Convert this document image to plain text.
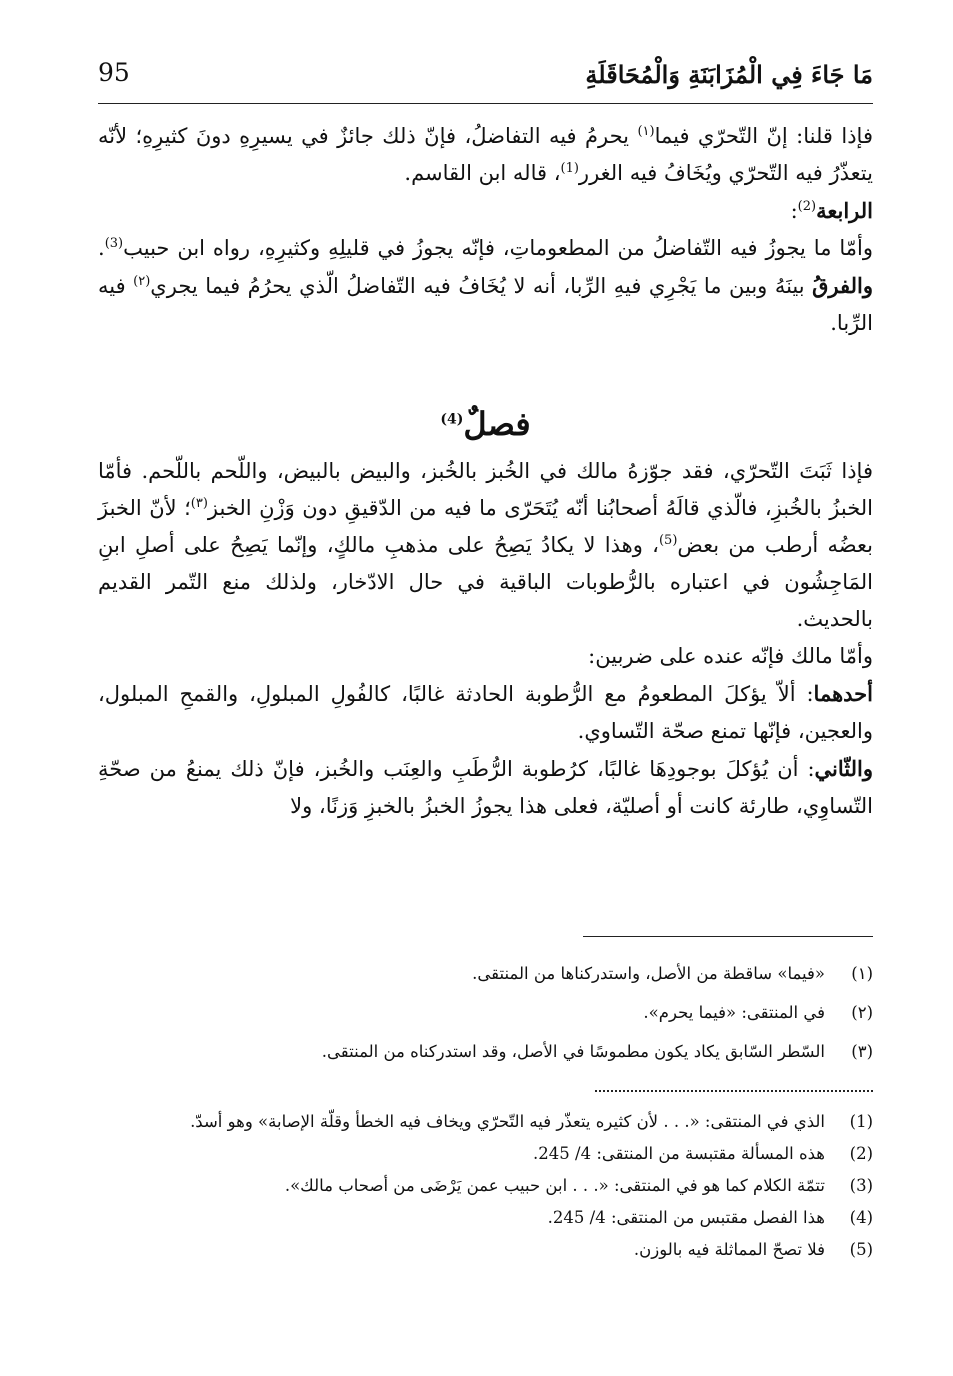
95	مَا جَاءَ فِي الْمُزَابَنَةِ وَالْمُحَاقَلَةِ

فإذا قلنا: إنّ التّحرّي فيما$^{(١)}$ يحرمُ فيه التفاضلُ، فإنّ ذلك جائزٌ في يسيرِهِ دونَ كثيرِهِ؛ لأنّه يتعذّرُ فيه التّحرّي ويُخَافُ فيه الغرر$^{(1)}$، قاله ابن القاسم.

الرابعة$^{(2)}$:

وأمّا ما يجوزُ فيه التّفاضلُ من المطعوماتِ، فإنّه يجوزُ في قليلِهِ وكثيرِهِ، رواه ابن حبيب$^{(3)}$. والفرقُ بينَهُ وبين ما يَجْرِي فيهِ الرِّبا، أنه لا يُخَافُ فيه التّفاضلُ الّذي يحرُمُ فيما يجري$^{(٢)}$ فيه الرِّبا.

فصلٌ$^{(4)}$

فإذا ثَبَتَ التّحرّي، فقد جوّزهُ مالك في الخُبز بالخُبز، والبيض بالبيض، واللّحم باللّحم. فأمّا الخبزُ بالخُبزِ، فالّذي قالَهُ أصحابُنا أنّه يُتَحَرّى ما فيه من الدّقيقِ دون وَزْنِ الخبز$^{(٣)}$؛ لأنّ الخبزَ بعضُه أرطب من بعض$^{(5)}$، وهذا لا يكادُ يَصِحُ على مذهبِ مالكٍ، وإنّما يَصِحُ على أصلِ ابنِ المَاجِشُون في اعتباره بالرُّطوبات الباقية في حال الادّخار، ولذلك منع التّمر القديم بالحديث.

وأمّا مالك فإنّه عنده على ضربين:

أحدهما: ألاّ يؤكلَ المطعومُ مع الرُّطوبة الحادثة غالبًا، كالفُولِ المبلولِ، والقمحِ المبلول، والعجين، فإنّها تمنع صحّة التّساوي.

والثّاني: أن يُؤكلَ بوجودِهَا غالبًا، كرُطوبة الرُّطَبِ والعِنَب والخُبز، فإنّ ذلك يمنعُ من صحّةِ التّساوِي، طارئة كانت أو أصليّة، فعلى هذا يجوزُ الخبزُ بالخبزِ وَزنًا، ولا

(١)
«فيما» ساقطة من الأصل، واستدركناها من المنتقى.
(٢)
في المنتقى: «فيما يحرم».
(٣)
السّطر السّابق يكاد يكون مطموسًا في الأصل، وقد استدركناه من المنتقى.
(1)
الذي في المنتقى: «. . . لأن كثيره يتعذّر فيه التّحرّي ويخاف فيه الخطأ وقلّة الإصابة» وهو أسدّ.
(2)
هذه المسألة مقتبسة من المنتقى: 4/ 245.
(3)
تتمّة الكلام كما هو في المنتقى: «. . . ابن حبيب عمن يَرْضَى من أصحاب مالك».
(4)
هذا الفصل مقتبس من المنتقى: 4/ 245.
(5)
فلا تصحّ المماثلة فيه بالوزن.
